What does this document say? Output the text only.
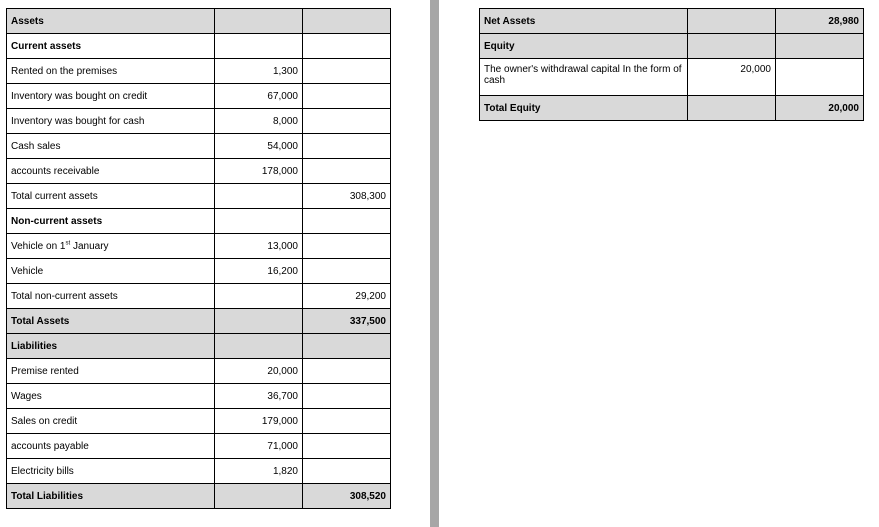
Assets		
Current assets		
Rented on the premises	1,300	
Inventory was bought on credit	67,000	
Inventory was bought for cash	8,000	
Cash sales	54,000	
accounts receivable	178,000	
Total current assets		308,300
Non-current assets		
Vehicle on 1st January	13,000	
Vehicle	16,200	
Total non-current assets		29,200
Total Assets		337,500
Liabilities		
Premise rented	20,000	
Wages	36,700	
Sales on credit	179,000	
accounts payable	71,000	
Electricity bills	1,820	
Total Liabilities		308,520
Net Assets		28,980
Equity		
The owner's withdrawal capital In the form of cash	20,000	
Total Equity		20,000
